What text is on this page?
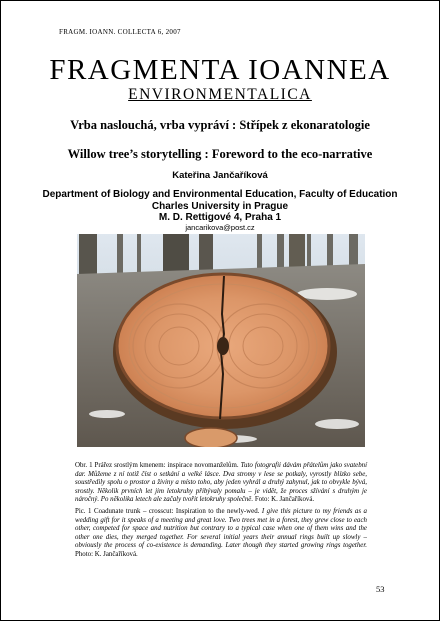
FRAGM. IOANN. COLLECTA 6, 2007
FRAGMENTA IOANNEA
ENVIRONMENTALICA
Vrba naslouchá, vrba vypráví : Střípek z ekonaratologie
Willow tree’s storytelling : Foreword to the eco-narrative
Kateřina Jančaříková
Department of Biology and Environmental Education, Faculty of Education
Charles University in Prague
M. D. Rettigové 4, Praha 1
jancarikova@post.cz
Obr. 1 Prářez srostlým kmenem: inspirace novomanželům. Tuto fotografii dávám přátelům jako svatební dar. Můžeme z ní totiž číst o setkání a velké lásce. Dva stromy v lese se potkaly, vyrostly blízko sebe, soustředily spolu o prostor a živiny a místo toho, aby jeden vyhrál a druhý zahynul, jak to obvykle bývá, srostly. Několik prvních let jim letokruhy přibývaly pomalu – je vidět, že proces sžívání s druhým je náročný. Po několika letech ale začaly tvořit letokruhy společně. Foto: K. Jančaříková.
Pic. 1 Coadunate trunk – crosscut: Inspiration to the newly-wed. I give this picture to my friends as a wedding gift for it speaks of a meeting and great love. Two trees met in a forest, they grew close to each other, competed for space and nutrition but contrary to a typical case when one of them wins and the other one dies, they merged together. For several initial years their annual rings built up slowly – obviously the process of co-existence is demanding. Later though they started growing rings together. Photo: K. Jančaříková.
53
